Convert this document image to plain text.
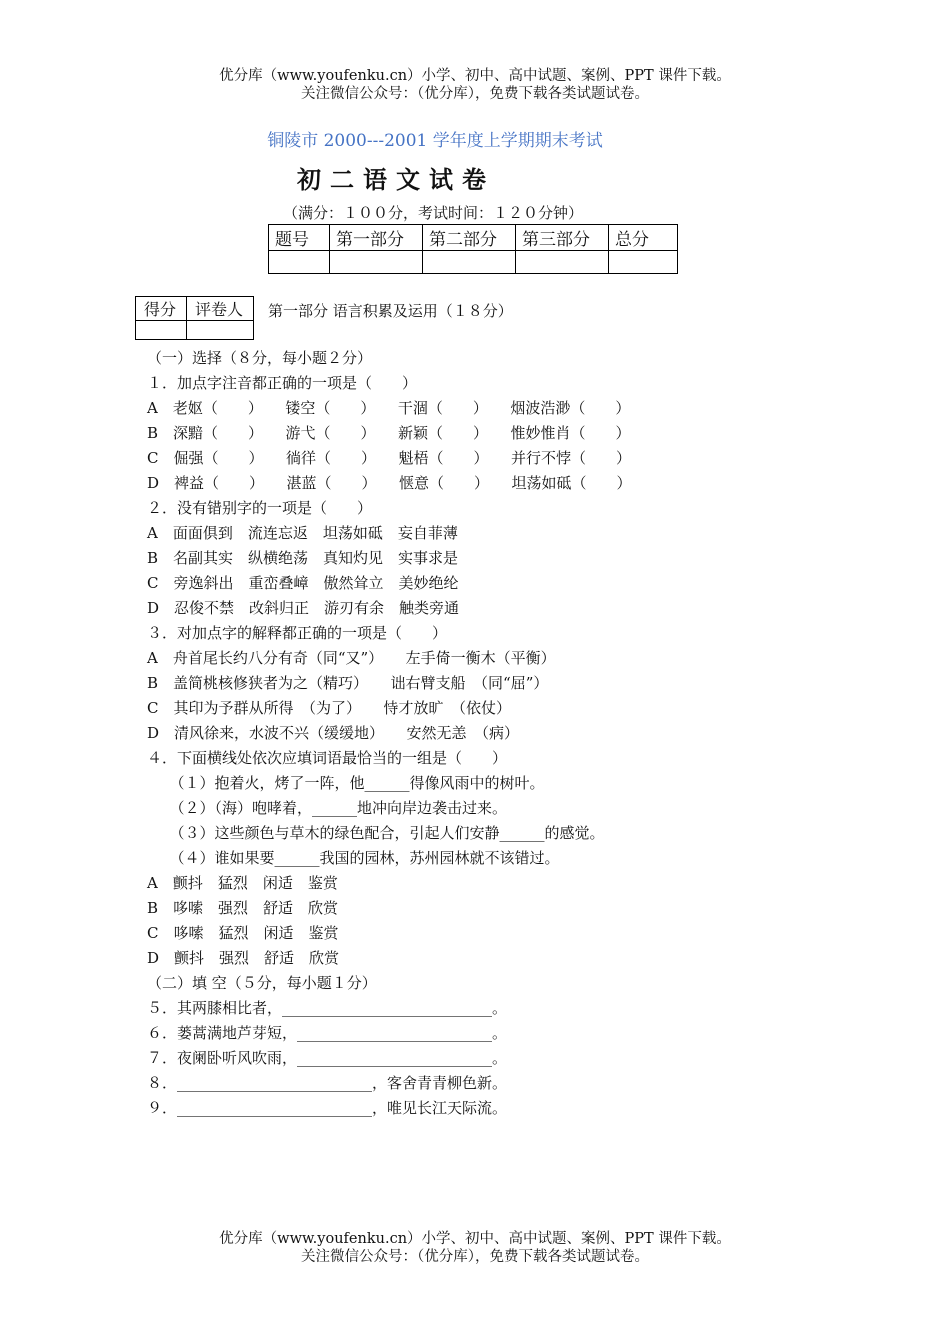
优分库（www.youfenku.cn）小学、初中、高中试题、案例、PPT 课件下载。
关注微信公众号：（优分库），免费下载各类试题试卷。
铜陵市 2000---2001 学年度上学期期末考试
初二语文试卷
（满分：１００分，考试时间：１２０分钟）
题号	第一部分	第二部分	第三部分	总分

得分	评卷人
	第一部分 语言积累及运用（１８分）
（一）选择（８分，每小题２分）
１．加点字注音都正确的一项是（　　）
A　老妪（　　）　　镂空（　　）　　干涸（　　）　　烟波浩渺（　　）
B　深黯（　　）　　游弋（　　）　　新颖（　　）　　惟妙惟肖（　　）
C　倔强（　　）　　徜徉（　　）　　魁梧（　　）　　并行不悖（　　）
D　裨益（　　）　　湛蓝（　　）　　惬意（　　）　　坦荡如砥（　　）
２．没有错别字的一项是（　　）
A　面面俱到　流连忘返　坦荡如砥　妄自菲薄
B　名副其实　纵横绝荡　真知灼见　实事求是
C　旁逸斜出　重峦叠嶂　傲然耸立　美妙绝纶
D　忍俊不禁　改斜归正　游刃有余　触类旁通
３．对加点字的解释都正确的一项是（　　）
A　舟首尾长约八分有奇（同“又”）　　左手倚一衡木（平衡）
B　盖简桃核修狭者为之（精巧）　　诎右臂支船　（同“屈”）
C　其印为予群从所得　（为了）　　恃才放旷　（依仗）
D　清风徐来，水波不兴（缓缓地）　　安然无恙　（病）
４．下面横线处依次应填词语最恰当的一组是（　　）
　　（１）抱着火，烤了一阵，他______得像风雨中的树叶。
　　（２）（海）咆哮着，______地冲向岸边袭击过来。
　　（３）这些颜色与草木的绿色配合，引起人们安静______的感觉。
　　（４）谁如果要______我国的园林，苏州园林就不该错过。
A　颤抖　猛烈　闲适　鉴赏
B　哆嗦　强烈　舒适　欣赏
C　哆嗦　猛烈　闲适　鉴赏
D　颤抖　强烈　舒适　欣赏
（二）填 空（５分，每小题１分）
５．其两膝相比者，____________________________。
６．蒌蒿满地芦芽短，__________________________。
７．夜阑卧听风吹雨，__________________________。
８．__________________________，客舍青青柳色新。
９．__________________________，唯见长江天际流。
优分库（www.youfenku.cn）小学、初中、高中试题、案例、PPT 课件下载。
关注微信公众号：（优分库），免费下载各类试题试卷。
